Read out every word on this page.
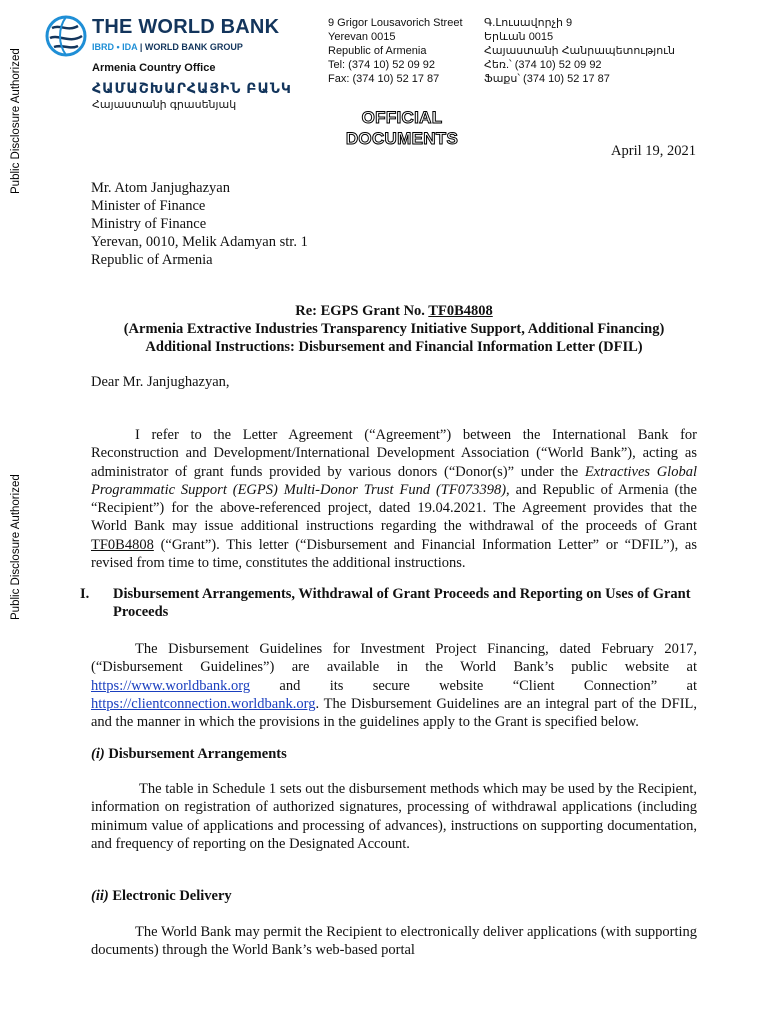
Public Disclosure Authorized
Public Disclosure Authorized
THE WORLD BANK
IBRD • IDA | WORLD BANK GROUP
Armenia Country Office
ՀԱՄԱՇԽԱՐՀԱՅԻՆ ԲԱՆԿ
Հայաստանի գրասենյակ
9 Grigor Lousavorich Street
Yerevan 0015
Republic of Armenia
Tel: (374 10) 52 09 92
Fax: (374 10) 52 17 87
Գ.Լուսավորչի 9
Երևան 0015
Հայաստանի Հանրապետություն
Հեռ.՝ (374 10) 52 09 92
Ֆաքս՝ (374 10) 52 17 87
OFFICIAL
DOCUMENTS
April 19, 2021
Mr. Atom Janjughazyan
Minister of Finance
Ministry of Finance
Yerevan, 0010, Melik Adamyan str. 1
Republic of Armenia
Re: EGPS Grant No. TF0B4808
(Armenia Extractive Industries Transparency Initiative Support, Additional Financing)
Additional Instructions: Disbursement and Financial Information Letter (DFIL)
Dear Mr. Janjughazyan,
I refer to the Letter Agreement (“Agreement”) between the International Bank for Reconstruction and Development/International Development Association (“World Bank”), acting as administrator of grant funds provided by various donors (“Donor(s)” under the Extractives Global Programmatic Support (EGPS) Multi-Donor Trust Fund (TF073398), and Republic of Armenia (the “Recipient”) for the above-referenced project, dated 19.04.2021. The Agreement provides that the World Bank may issue additional instructions regarding the withdrawal of the proceeds of Grant TF0B4808 (“Grant”). This letter (“Disbursement and Financial Information Letter” or “DFIL”), as revised from time to time, constitutes the additional instructions.
I. Disbursement Arrangements, Withdrawal of Grant Proceeds and Reporting on Uses of Grant Proceeds
The Disbursement Guidelines for Investment Project Financing, dated February 2017, (“Disbursement Guidelines”) are available in the World Bank’s public website at https://www.worldbank.org and its secure website “Client Connection” at https://clientconnection.worldbank.org. The Disbursement Guidelines are an integral part of the DFIL, and the manner in which the provisions in the guidelines apply to the Grant is specified below.
(i) Disbursement Arrangements
The table in Schedule 1 sets out the disbursement methods which may be used by the Recipient, information on registration of authorized signatures, processing of withdrawal applications (including minimum value of applications and processing of advances), instructions on supporting documentation, and frequency of reporting on the Designated Account.
(ii) Electronic Delivery
The World Bank may permit the Recipient to electronically deliver applications (with supporting documents) through the World Bank’s web-based portal
